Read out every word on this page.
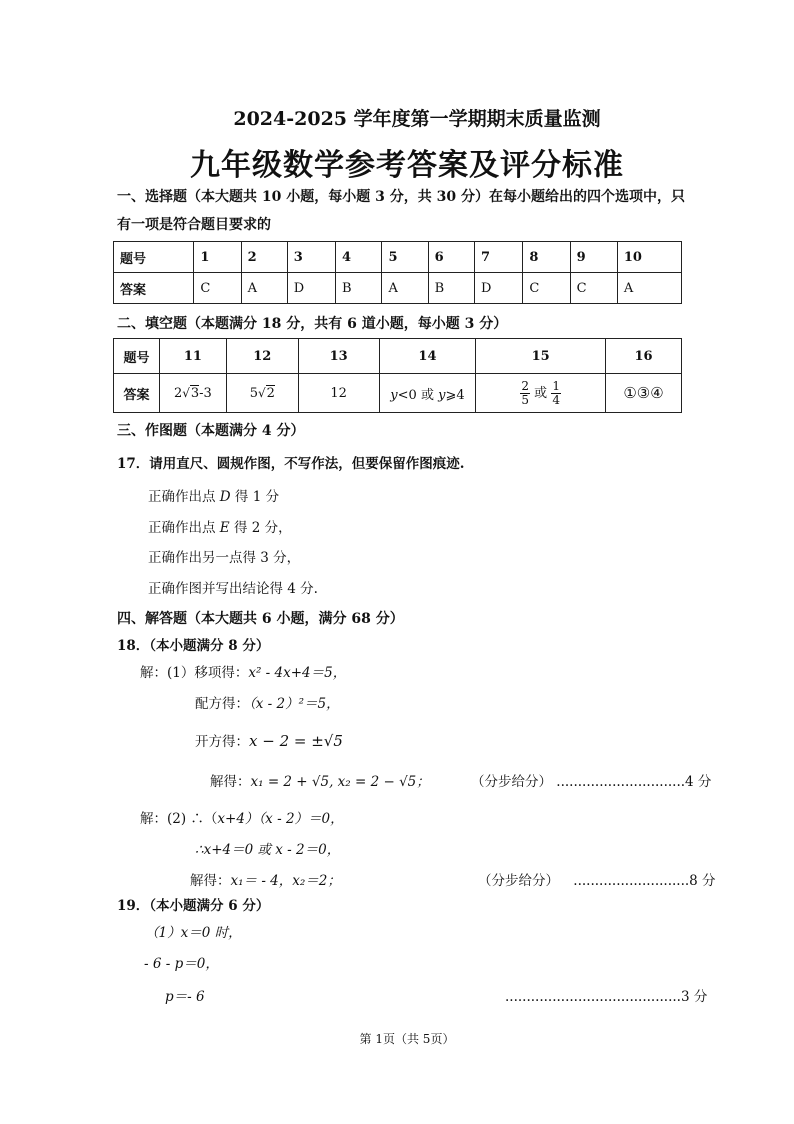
2024-2025 学年度第一学期期末质量监测
九年级数学参考答案及评分标准
一、选择题（本大题共 10 小题，每小题 3 分，共 30 分）在每小题给出的四个选项中，只
有一项是符合题目要求的
题号	1	2	3	4	5	6	7	8	9	10
答案	C	A	D	B	A	B	D	C	C	A
二、填空题（本题满分 18 分，共有 6 道小题，每小题 3 分）
题号	11	12	13	14	15	16
答案	2√3-3	5√2	12	y<0 或 y⩾4	$\frac{2}{5}$ 或 $\frac{1}{4}$	①③④
三、作图题（本题满分 4 分）
17．请用直尺、圆规作图，不写作法，但要保留作图痕迹.
正确作出点 D 得 1 分
正确作出点 E 得 2 分，
正确作出另一点得 3 分，
正确作图并写出结论得 4 分.
四、解答题（本大题共 6 小题，满分 68 分）
18．（本小题满分 8 分）
解：(1）移项得：x² - 4x+4＝5，
配方得：（x - 2）²＝5，
开方得：x − 2 = ±√5
解得：x₁ = 2 + √5, x₂ = 2 − √5；	（分步给分） ..............................4 分
解：(2) ∴（x+4）（x - 2）＝0，
∴x+4＝0 或 x - 2＝0，
解得：x₁＝ - 4，x₂＝2；	（分步给分） ...........................8 分
19．（本小题满分 6 分）
（1）x＝0 时，
- 6 - p＝0，
p＝- 6	.........................................3 分
第 1页（共 5页）
